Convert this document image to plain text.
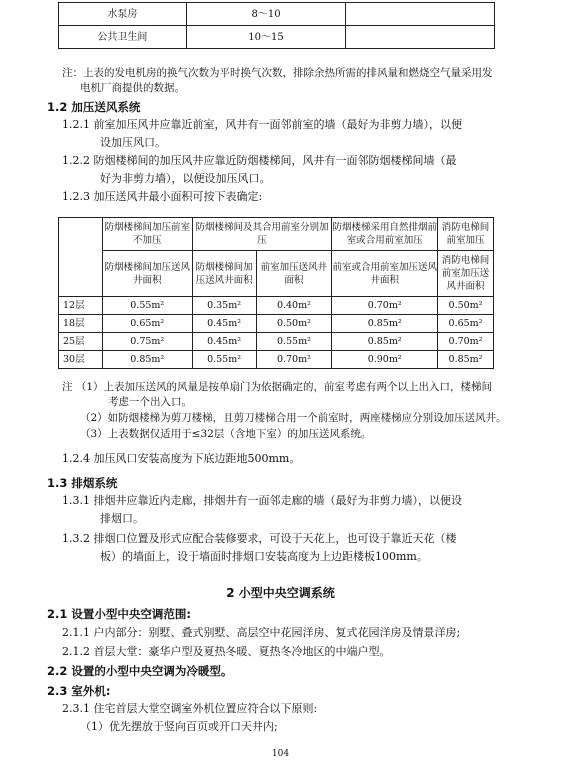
水泵房	8～10	
公共卫生间	10～15	
注：上表的发电机房的换气次数为平时换气次数，排除余热所需的排风量和燃烧空气量采用发
电机厂商提供的数据。
1.2 加压送风系统
1.2.1 前室加压风井应靠近前室，风井有一面邻前室的墙（最好为非剪力墙），以便
设加压风口。
1.2.2 防烟楼梯间的加压风井应靠近防烟楼梯间，风井有一面邻防烟楼梯间墙（最
好为非剪力墙），以便设加压风口。
1.2.3 加压送风井最小面积可按下表确定:
	防烟楼梯间加压前室不加压	防烟楼梯间及其合用前室分别加压		防烟楼梯采用自然排烟前室或合用前室加压	消防电梯间前室加压
	防烟楼梯间加压送风井面积	防烟楼梯间加压送风井面积	前室加压送风井面积	前室或合用前室加压送风井面积	消防电梯间前室加压送风井面积
12层	0.55m²	0.35m²	0.40m²	0.70m²	0.50m²
18层	0.65m²	0.45m²	0.50m²	0.85m²	0.65m²
25层	0.75m²	0.45m²	0.55m²	0.85m²	0.70m²
30层	0.85m²	0.55m²	0.70m²	0.90m²	0.85m²
注 （1）上表加压送风的风量是按单扇门为依据确定的，前室考虑有两个以上出入口，楼梯间
考虑一个出入口。
（2）如防烟楼梯为剪刀楼梯，且剪刀楼梯合用一个前室时，两座楼梯应分别设加压送风井。
（3）上表数据仅适用于≤32层（含地下室）的加压送风系统。
1.2.4 加压风口安装高度为下底边距地500mm。
1.3 排烟系统
1.3.1 排烟井应靠近内走廊，排烟井有一面邻走廊的墙（最好为非剪力墙），以便设
排烟口。
1.3.2 排烟口位置及形式应配合装修要求，可设于天花上，也可设于靠近天花（楼
板）的墙面上，设于墙面时排烟口安装高度为上边距楼板100mm。
2 小型中央空调系统
2.1 设置小型中央空调范围:
2.1.1 户内部分：别墅、叠式别墅、高层空中花园洋房、复式花园洋房及情景洋房;
2.1.2 首层大堂：豪华户型及夏热冬暖、夏热冬冷地区的中端户型。
2.2 设置的小型中央空调为冷暖型。
2.3 室外机:
2.3.1 住宅首层大堂空调室外机位置应符合以下原则:
（1）优先摆放于竖向百页或开口天井内;
104
